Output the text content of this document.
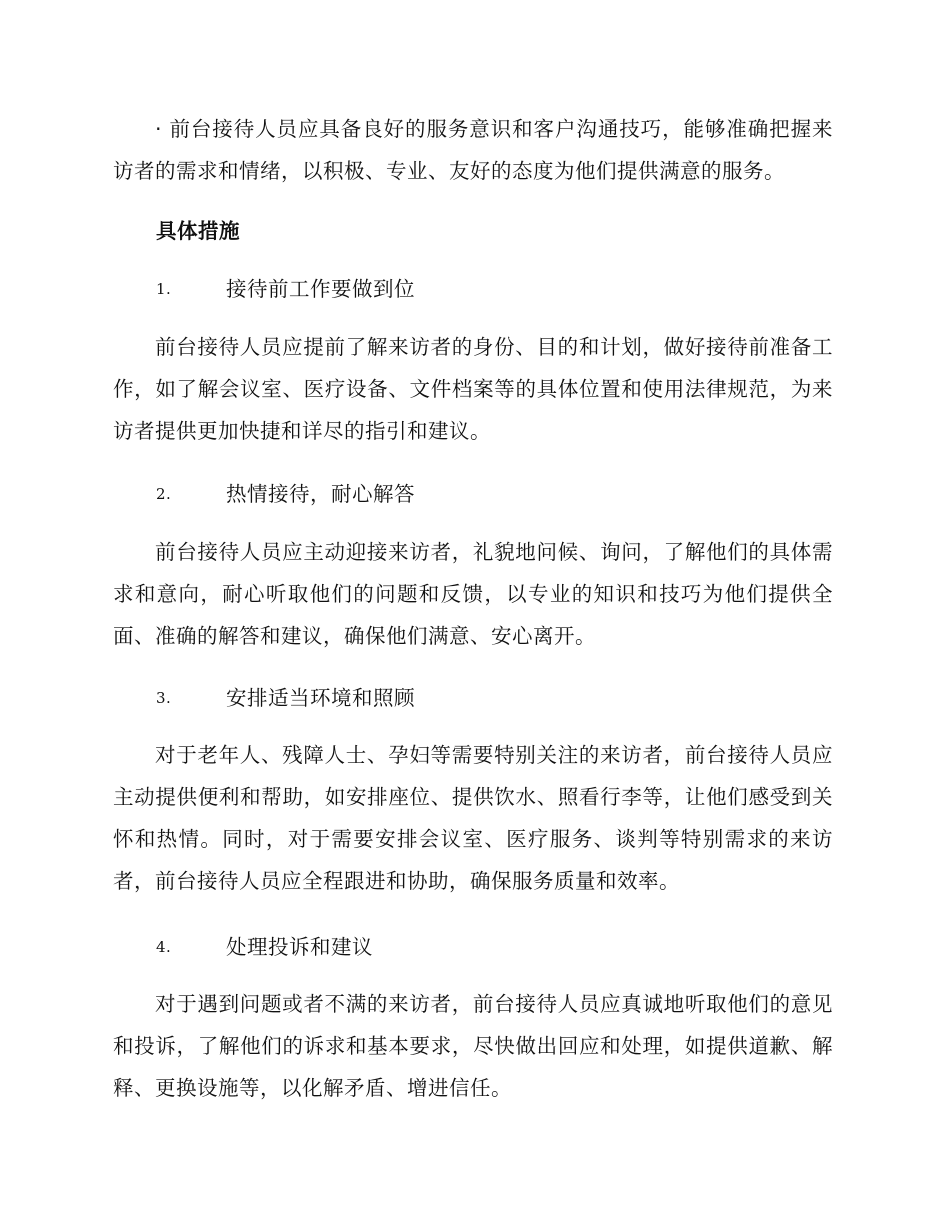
· 前台接待人员应具备良好的服务意识和客户沟通技巧，能够准确把握来访者的需求和情绪，以积极、专业、友好的态度为他们提供满意的服务。

具体措施

1.	接待前工作要做到位

前台接待人员应提前了解来访者的身份、目的和计划，做好接待前准备工作，如了解会议室、医疗设备、文件档案等的具体位置和使用法律规范，为来访者提供更加快捷和详尽的指引和建议。

2.	热情接待，耐心解答

前台接待人员应主动迎接来访者，礼貌地问候、询问，了解他们的具体需求和意向，耐心听取他们的问题和反馈，以专业的知识和技巧为他们提供全面、准确的解答和建议，确保他们满意、安心离开。

3.	安排适当环境和照顾

对于老年人、残障人士、孕妇等需要特别关注的来访者，前台接待人员应主动提供便利和帮助，如安排座位、提供饮水、照看行李等，让他们感受到关怀和热情。同时，对于需要安排会议室、医疗服务、谈判等特别需求的来访者，前台接待人员应全程跟进和协助，确保服务质量和效率。

4.	处理投诉和建议

对于遇到问题或者不满的来访者，前台接待人员应真诚地听取他们的意见和投诉，了解他们的诉求和基本要求，尽快做出回应和处理，如提供道歉、解释、更换设施等，以化解矛盾、增进信任。
